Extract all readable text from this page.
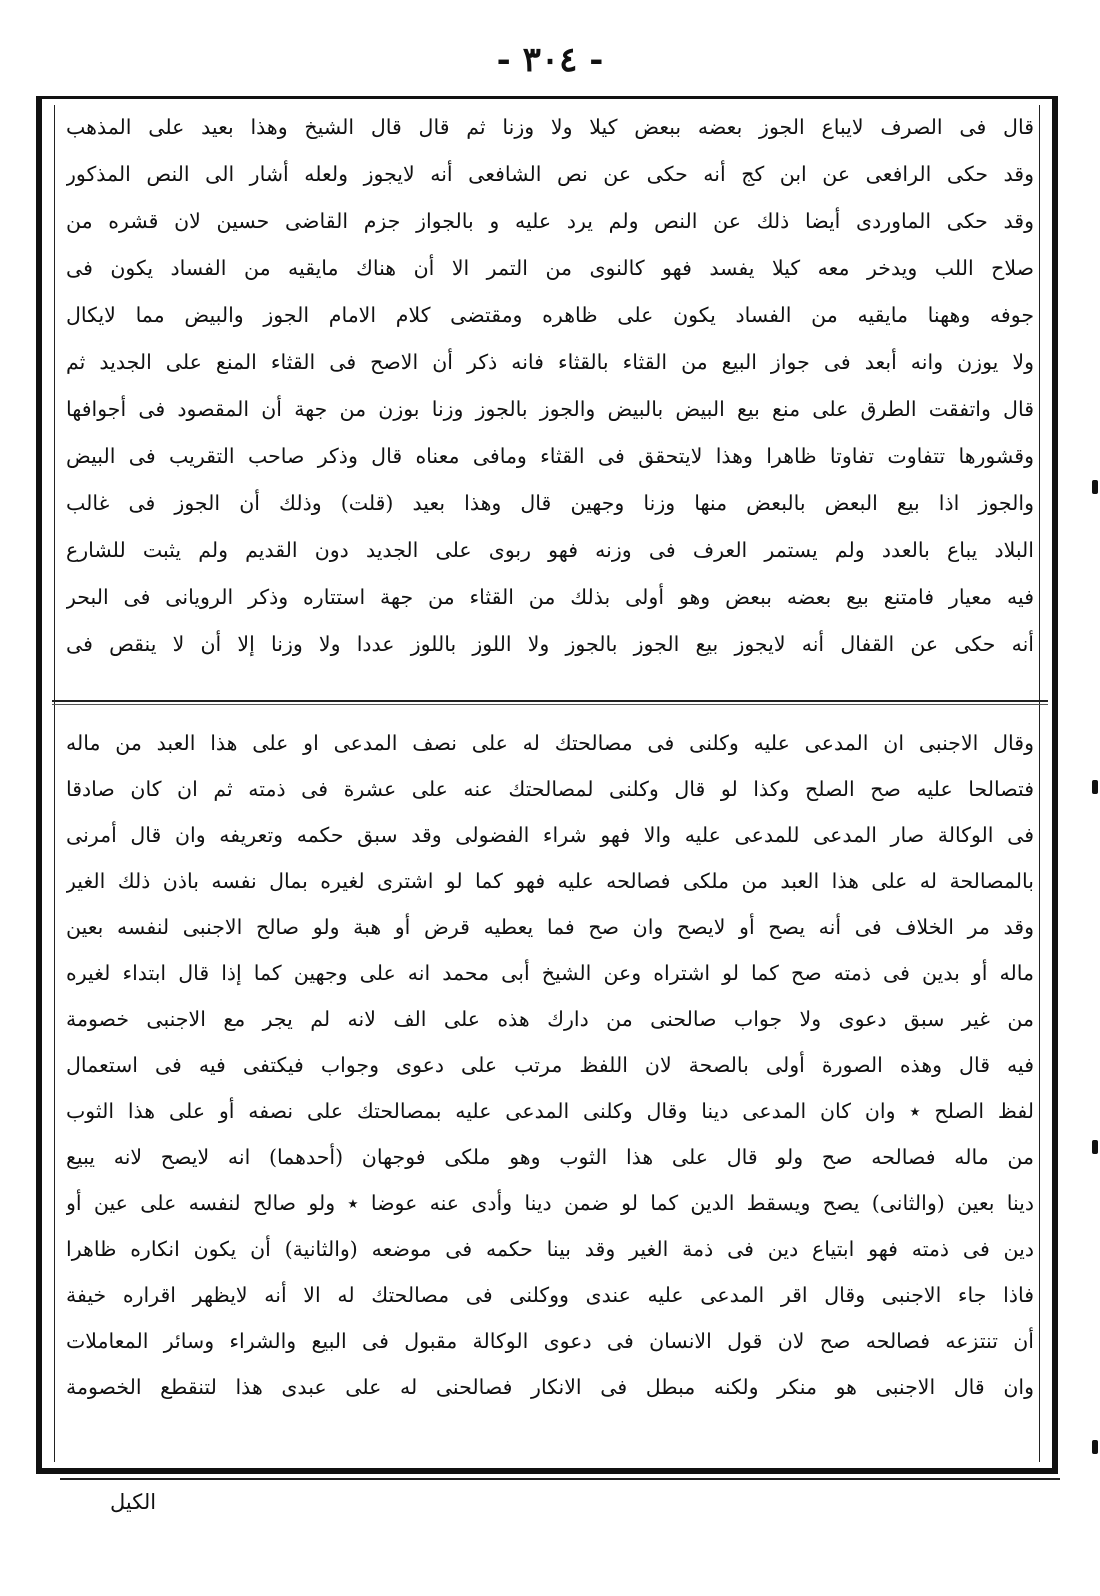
- ٣٠٤ -
قال فى الصرف لايباع الجوز بعضه ببعض كيلا ولا وزنا ثم قال قال الشيخ وهذا بعيد على المذهب
وقد حكى الرافعى عن ابن كج أنه حكى عن نص الشافعى أنه لايجوز ولعله أشار الى النص المذكور
وقد حكى الماوردى أيضا ذلك عن النص ولم يرد عليه و بالجواز جزم القاضى حسين لان قشره من
صلاح اللب ويدخر معه كيلا يفسد فهو كالنوى من التمر الا أن هناك مايقيه من الفساد يكون فى
جوفه وههنا مايقيه من الفساد يكون على ظاهره ومقتضى كلام الامام الجوز والبيض مما لايكال
ولا يوزن وانه أبعد فى جواز البيع من القثاء بالقثاء فانه ذكر أن الاصح فى القثاء المنع على الجديد ثم
قال واتفقت الطرق على منع بيع البيض بالبيض والجوز بالجوز وزنا بوزن من جهة أن المقصود فى أجوافها
وقشورها تتفاوت تفاوتا ظاهرا وهذا لايتحقق فى القثاء ومافى معناه قال وذكر صاحب التقريب فى البيض
والجوز اذا بيع البعض بالبعض منها وزنا وجهين قال وهذا بعيد (قلت) وذلك أن الجوز فى غالب
البلاد يباع بالعدد ولم يستمر العرف فى وزنه فهو ربوى على الجديد دون القديم ولم يثبت للشارع
فيه معيار فامتنع بيع بعضه ببعض وهو أولى بذلك من القثاء من جهة استتاره وذكر الرويانى فى البحر
أنه حكى عن القفال أنه لايجوز بيع الجوز بالجوز ولا اللوز باللوز عددا ولا وزنا إلا أن لا ينقص فى
وقال الاجنبى ان المدعى عليه وكلنى فى مصالحتك له على نصف المدعى او على هذا العبد من ماله
فتصالحا عليه صح الصلح وكذا لو قال وكلنى لمصالحتك عنه على عشرة فى ذمته ثم ان كان صادقا
فى الوكالة صار المدعى للمدعى عليه والا فهو شراء الفضولى وقد سبق حكمه وتعريفه وان قال أمرنى
بالمصالحة له على هذا العبد من ملكى فصالحه عليه فهو كما لو اشترى لغيره بمال نفسه باذن ذلك الغير
وقد مر الخلاف فى أنه يصح أو لايصح وان صح فما يعطيه قرض أو هبة ولو صالح الاجنبى لنفسه بعين
ماله أو بدين فى ذمته صح كما لو اشتراه وعن الشيخ أبى محمد انه على وجهين كما إذا قال ابتداء لغيره
من غير سبق دعوى ولا جواب صالحنى من دارك هذه على الف لانه لم يجر مع الاجنبى خصومة
فيه قال وهذه الصورة أولى بالصحة لان اللفظ مرتب على دعوى وجواب فيكتفى فيه فى استعمال
لفظ الصلح ٭ وان كان المدعى دينا وقال وكلنى المدعى عليه بمصالحتك على نصفه أو على هذا الثوب
من ماله فصالحه صح ولو قال على هذا الثوب وهو ملكى فوجهان (أحدهما) انه لايصح لانه يبيع
دينا بعين (والثانى) يصح ويسقط الدين كما لو ضمن دينا وأدى عنه عوضا ٭ ولو صالح لنفسه على عين أو
دين فى ذمته فهو ابتياع دين فى ذمة الغير وقد بينا حكمه فى موضعه (والثانية) أن يكون انكاره ظاهرا
فاذا جاء الاجنبى وقال اقر المدعى عليه عندى ووكلنى فى مصالحتك له الا أنه لايظهر اقراره خيفة
أن تنتزعه فصالحه صح لان قول الانسان فى دعوى الوكالة مقبول فى البيع والشراء وسائر المعاملات
وان قال الاجنبى هو منكر ولكنه مبطل فى الانكار فصالحنى له على عبدى هذا لتنقطع الخصومة
الكيل
